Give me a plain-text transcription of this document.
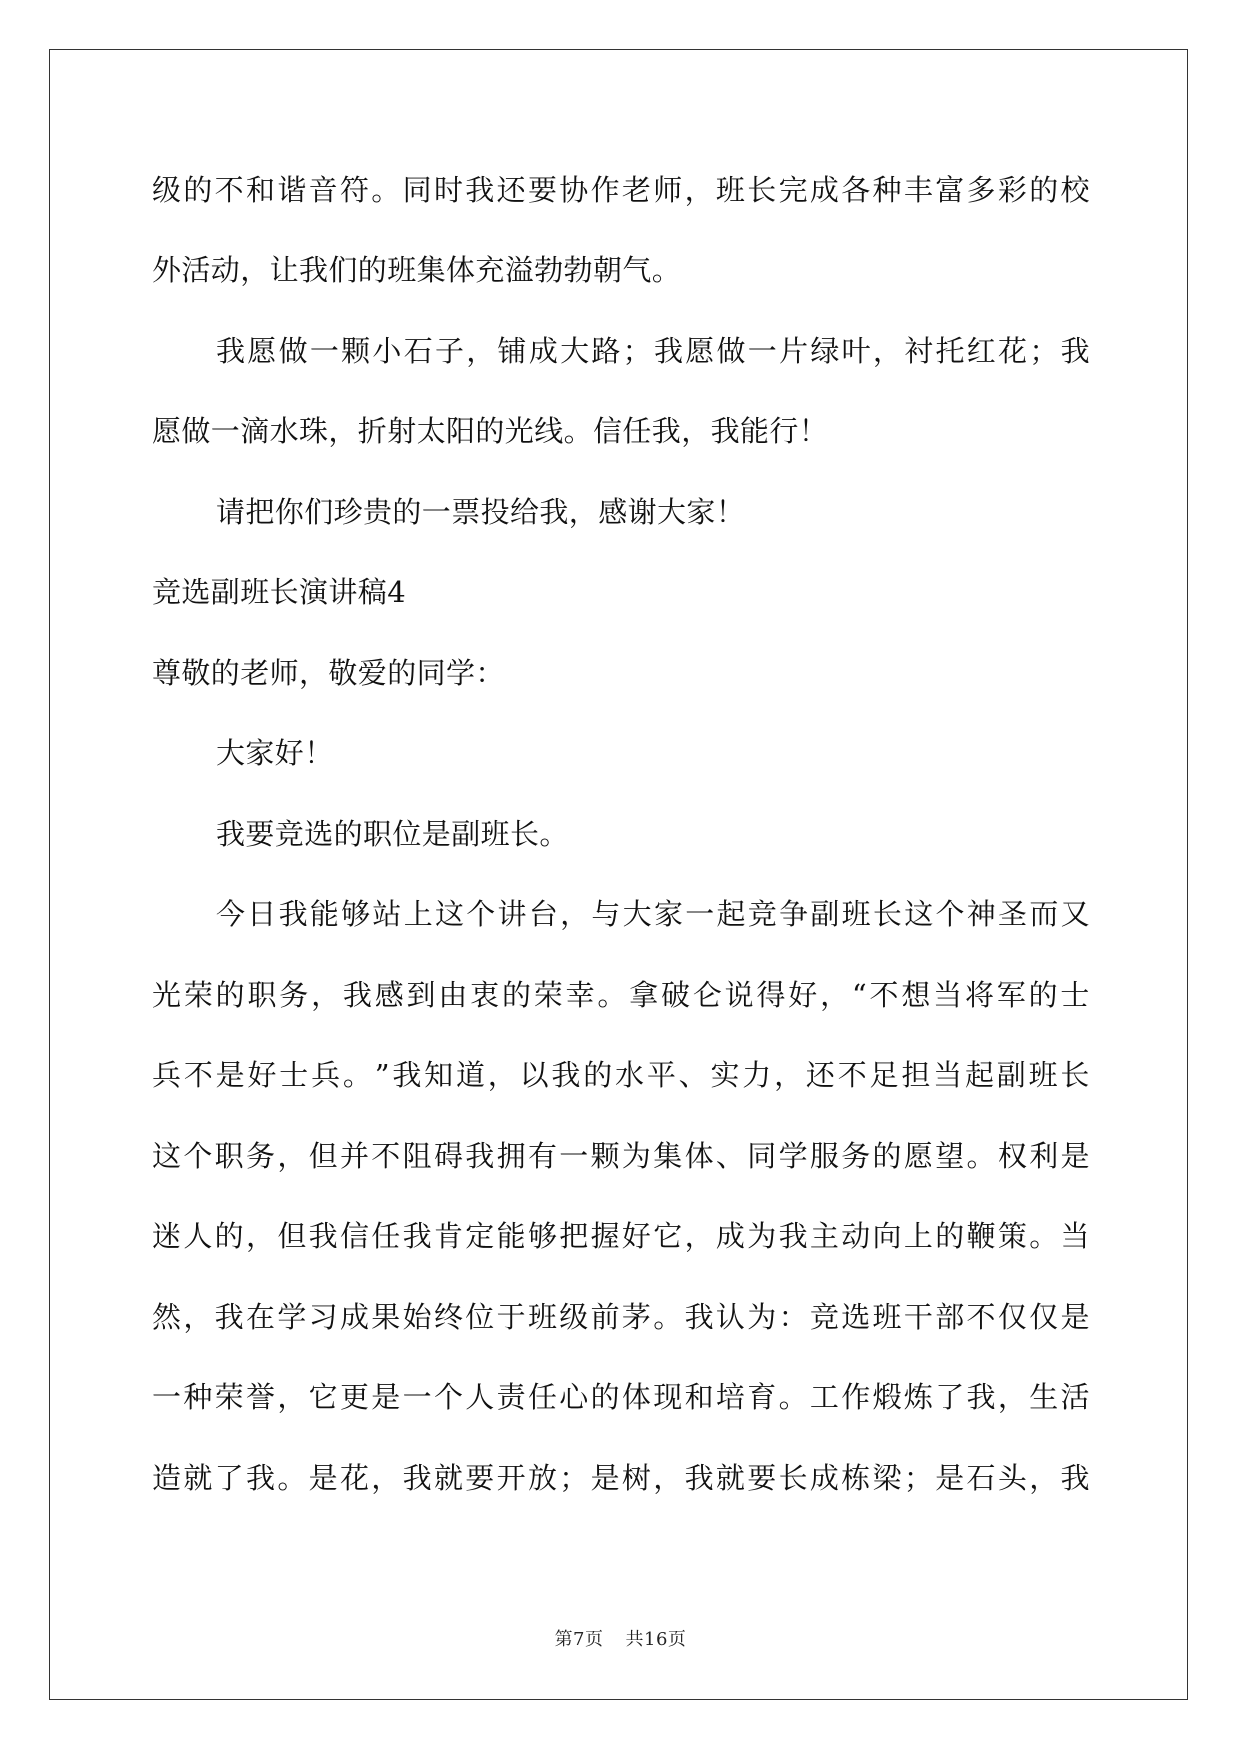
级 的 不 和 谐 音 符 。 同 时 我 还 要 协 作 老 师 ， 班 长 完 成 各 种 丰 富 多 彩 的 校
外活动，让我们的班集体充溢勃勃朝气。
我 愿 做 一 颗 小 石 子 ， 铺 成 大 路 ； 我 愿 做 一 片 绿 叶 ， 衬 托 红 花 ； 我
愿做一滴水珠，折射太阳的光线。信任我，我能行！
请把你们珍贵的一票投给我，感谢大家！
竞选副班长演讲稿4
尊敬的老师，敬爱的同学：
大家好！
我要竞选的职位是副班长。
今 日 我 能 够 站 上 这 个 讲 台 ， 与 大 家 一 起 竞 争 副 班 长 这 个 神 圣 而 又
光 荣 的 职 务 ， 我 感 到 由 衷 的 荣 幸 。 拿 破 仑 说 得 好 ， “ 不 想 当 将 军 的 士
兵 不 是 好 士 兵 。 ” 我 知 道 ， 以 我 的 水 平 、 实 力 ， 还 不 足 担 当 起 副 班 长
这 个 职 务 ， 但 并 不 阻 碍 我 拥 有 一 颗 为 集 体 、 同 学 服 务 的 愿 望 。 权 利 是
迷 人 的 ， 但 我 信 任 我 肯 定 能 够 把 握 好 它 ， 成 为 我 主 动 向 上 的 鞭 策 。 当
然 ， 我 在 学 习 成 果 始 终 位 于 班 级 前 茅 。 我 认 为 ： 竞 选 班 干 部 不 仅 仅 是
一 种 荣 誉 ， 它 更 是 一 个 人 责 任 心 的 体 现 和 培 育 。 工 作 煅 炼 了 我 ， 生 活
造 就 了 我 。 是 花 ， 我 就 要 开 放 ； 是 树 ， 我 就 要 长 成 栋 梁 ； 是 石 头 ， 我
第7页 共16页
